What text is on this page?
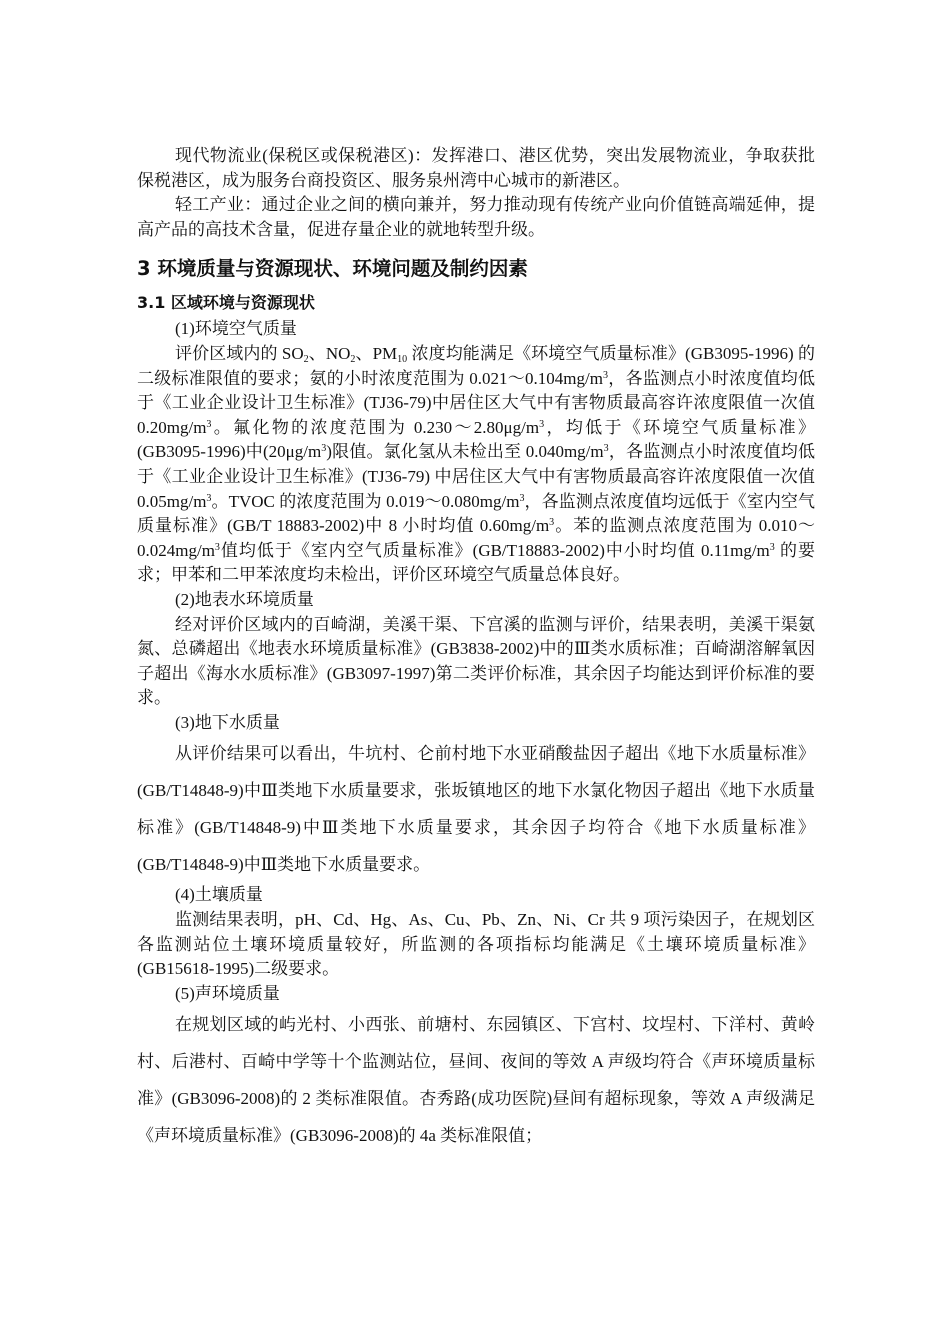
现代物流业(保税区或保税港区)：发挥港口、港区优势，突出发展物流业，争取获批保税港区，成为服务台商投资区、服务泉州湾中心城市的新港区。

轻工产业：通过企业之间的横向兼并，努力推动现有传统产业向价值链高端延伸，提高产品的高技术含量，促进存量企业的就地转型升级。

3 环境质量与资源现状、环境问题及制约因素
3.1 区域环境与资源现状

(1)环境空气质量

评价区域内的 $SO_2$、$NO_2$、$PM_{10}$ 浓度均能满足《环境空气质量标准》(GB3095-1996) 的二级标准限值的要求；氨的小时浓度范围为 $0.021\sim 0.104mg/m^3$，各监测点小时浓度值均低于《工业企业设计卫生标准》(TJ36-79)中居住区大气中有害物质最高容许浓度限值一次值 $0.20mg/m^3$。氟化物的浓度范围为 $0.230\sim 2.80\mu g/m^3$，均低于《环境空气质量标准》(GB3095-1996)中$(20\mu g/m^3)$限值。氯化氢从未检出至 $0.040mg/m^3$，各监测点小时浓度值均低于《工业企业设计卫生标准》(TJ36-79) 中居住区大气中有害物质最高容许浓度限值一次值 $0.05mg/m^3$。TVOC 的浓度范围为 $0.019\sim 0.080mg/m^3$，各监测点浓度值均远低于《室内空气质量标准》(GB/T 18883-2002)中 8 小时均值 $0.60mg/m^3$。苯的监测点浓度范围为 $0.010\sim 0.024mg/m^3$值均低于《室内空气质量标准》(GB/T18883-2002)中小时均值 $0.11mg/m^3$ 的要求；甲苯和二甲苯浓度均未检出，评价区环境空气质量总体良好。

(2)地表水环境质量

经对评价区域内的百崎湖，美溪干渠、下宫溪的监测与评价，结果表明，美溪干渠氨氮、总磷超出《地表水环境质量标准》(GB3838-2002)中的Ⅲ类水质标准；百崎湖溶解氧因子超出《海水水质标准》(GB3097-1997)第二类评价标准，其余因子均能达到评价标准的要求。

(3)地下水质量

从评价结果可以看出，牛坑村、仑前村地下水亚硝酸盐因子超出《地下水质量标准》(GB/T14848-9)中Ⅲ类地下水质量要求，张坂镇地区的地下水氯化物因子超出《地下水质量标准》(GB/T14848-9)中Ⅲ类地下水质量要求，其余因子均符合《地下水质量标准》(GB/T14848-9)中Ⅲ类地下水质量要求。

(4)土壤质量

监测结果表明，pH、Cd、Hg、As、Cu、Pb、Zn、Ni、Cr 共 9 项污染因子，在规划区各监测站位土壤环境质量较好，所监测的各项指标均能满足《土壤环境质量标准》(GB15618-1995)二级要求。

(5)声环境质量

在规划区域的屿光村、小西张、前塘村、东园镇区、下宫村、坟埕村、下洋村、黄岭村、后港村、百崎中学等十个监测站位，昼间、夜间的等效 A 声级均符合《声环境质量标准》(GB3096-2008)的 2 类标准限值。杏秀路(成功医院)昼间有超标现象，等效 A 声级满足《声环境质量标准》(GB3096-2008)的 4a 类标准限值；
